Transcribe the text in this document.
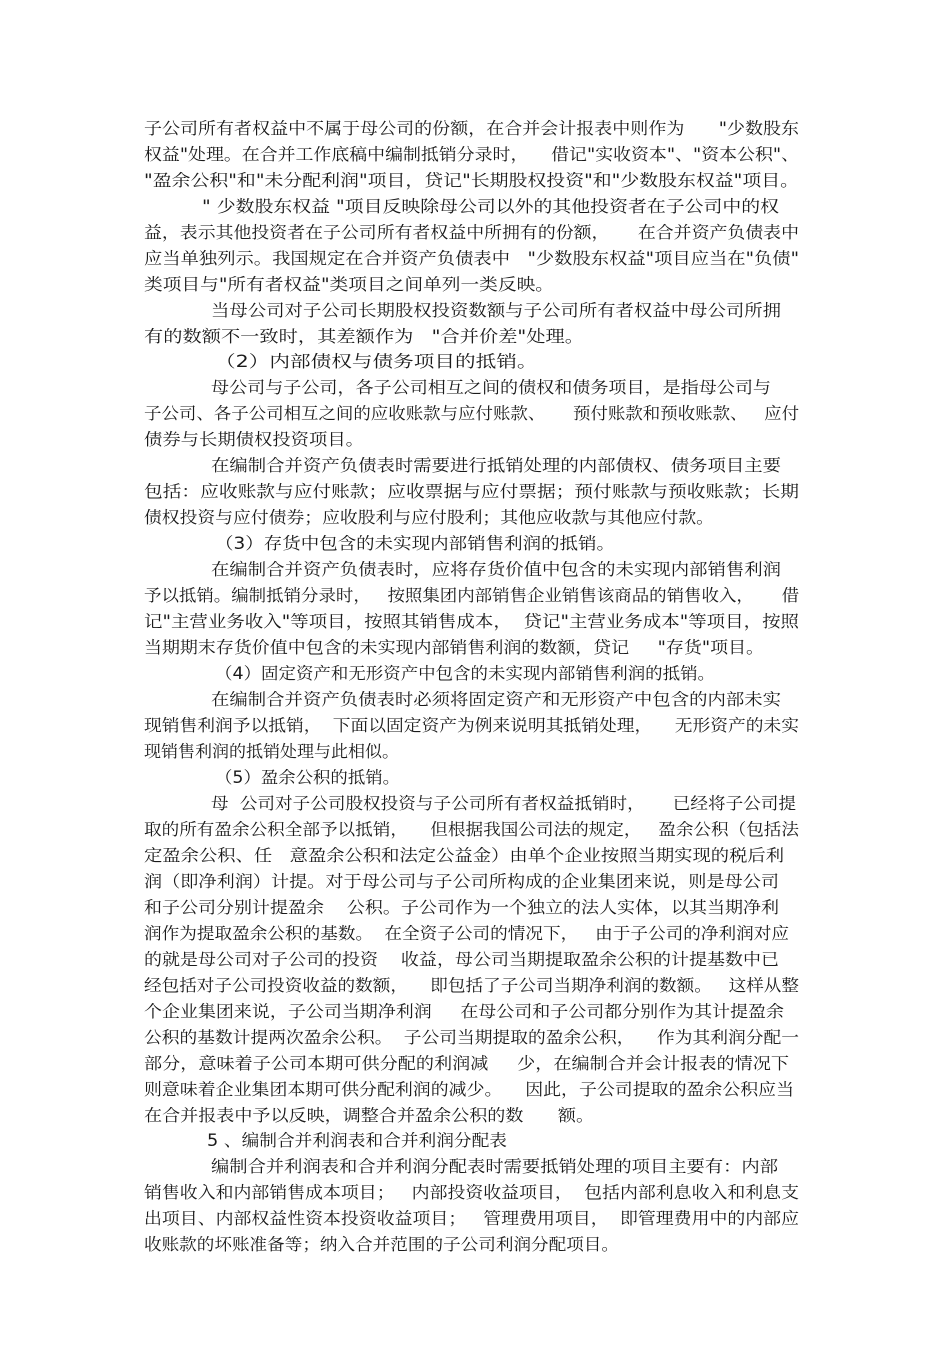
子公司所有者权益中不属于母公司的份额，在合并会计报表中则作为      "少数股东
权益"处理。在合并工作底稿中编制抵销分录时，    借记"实收资本"、"资本公积"、
"盈余公积"和"未分配利润"项目，贷记"长期股权投资"和"少数股东权益"项目。
" 少数股东权益 "项目反映除母公司以外的其他投资者在子公司中的权
益，表示其他投资者在子公司所有者权益中所拥有的份额，     在合并资产负债表中
应当单独列示。我国规定在合并资产负债表中   "少数股东权益"项目应当在"负债"
类项目与"所有者权益"类项目之间单列一类反映。
当母公司对子公司长期股权投资数额与子公司所有者权益中母公司所拥
有的数额不一致时，其差额作为   "合并价差"处理。
（2）内部债权与债务项目的抵销。
母公司与子公司，各子公司相互之间的债权和债务项目，是指母公司与
子公司、各子公司相互之间的应收账款与应付账款、     预付账款和预收账款、   应付
债券与长期债权投资项目。
在编制合并资产负债表时需要进行抵销处理的内部债权、债务项目主要
包括：应收账款与应付账款；应收票据与应付票据；预付账款与预收账款；长期
债权投资与应付债券；应收股利与应付股利；其他应收款与其他应付款。
（3）存货中包含的未实现内部销售利润的抵销。
在编制合并资产负债表时，应将存货价值中包含的未实现内部销售利润
予以抵销。编制抵销分录时，   按照集团内部销售企业销售该商品的销售收入，     借
记"主营业务收入"等项目，按照其销售成本，  贷记"主营业务成本"等项目，按照
当期期末存货价值中包含的未实现内部销售利润的数额，贷记     "存货"项目。
（4）固定资产和无形资产中包含的未实现内部销售利润的抵销。
在编制合并资产负债表时必须将固定资产和无形资产中包含的内部未实
现销售利润予以抵销，  下面以固定资产为例来说明其抵销处理，    无形资产的未实
现销售利润的抵销处理与此相似。
（5）盈余公积的抵销。
母  公司对子公司股权投资与子公司所有者权益抵销时，     已经将子公司提
取的所有盈余公积全部予以抵销，    但根据我国公司法的规定，   盈余公积（包括法
定盈余公积、任   意盈余公积和法定公益金）由单个企业按照当期实现的税后利
润（即净利润）计提。对于母公司与子公司所构成的企业集团来说，则是母公司
和子公司分别计提盈余    公积。子公司作为一个独立的法人实体，以其当期净利
润作为提取盈余公积的基数。  在全资子公司的情况下，   由于子公司的净利润对应
的就是母公司对子公司的投资    收益，母公司当期提取盈余公积的计提基数中已
经包括对子公司投资收益的数额，    即包括了子公司当期净利润的数额。   这样从整
个企业集团来说，子公司当期净利润     在母公司和子公司都分别作为其计提盈余
公积的基数计提两次盈余公积。  子公司当期提取的盈余公积，    作为其利润分配一
部分，意味着子公司本期可供分配的利润减     少，在编制合并会计报表的情况下
则意味着企业集团本期可供分配利润的减少。    因此，子公司提取的盈余公积应当
在合并报表中予以反映，调整合并盈余公积的数      额。
5 、编制合并利润表和合并利润分配表
编制合并利润表和合并利润分配表时需要抵销处理的项目主要有：内部
销售收入和内部销售成本项目；   内部投资收益项目，  包括内部利息收入和利息支
出项目、内部权益性资本投资收益项目；   管理费用项目，  即管理费用中的内部应
收账款的坏账准备等；纳入合并范围的子公司利润分配项目。
